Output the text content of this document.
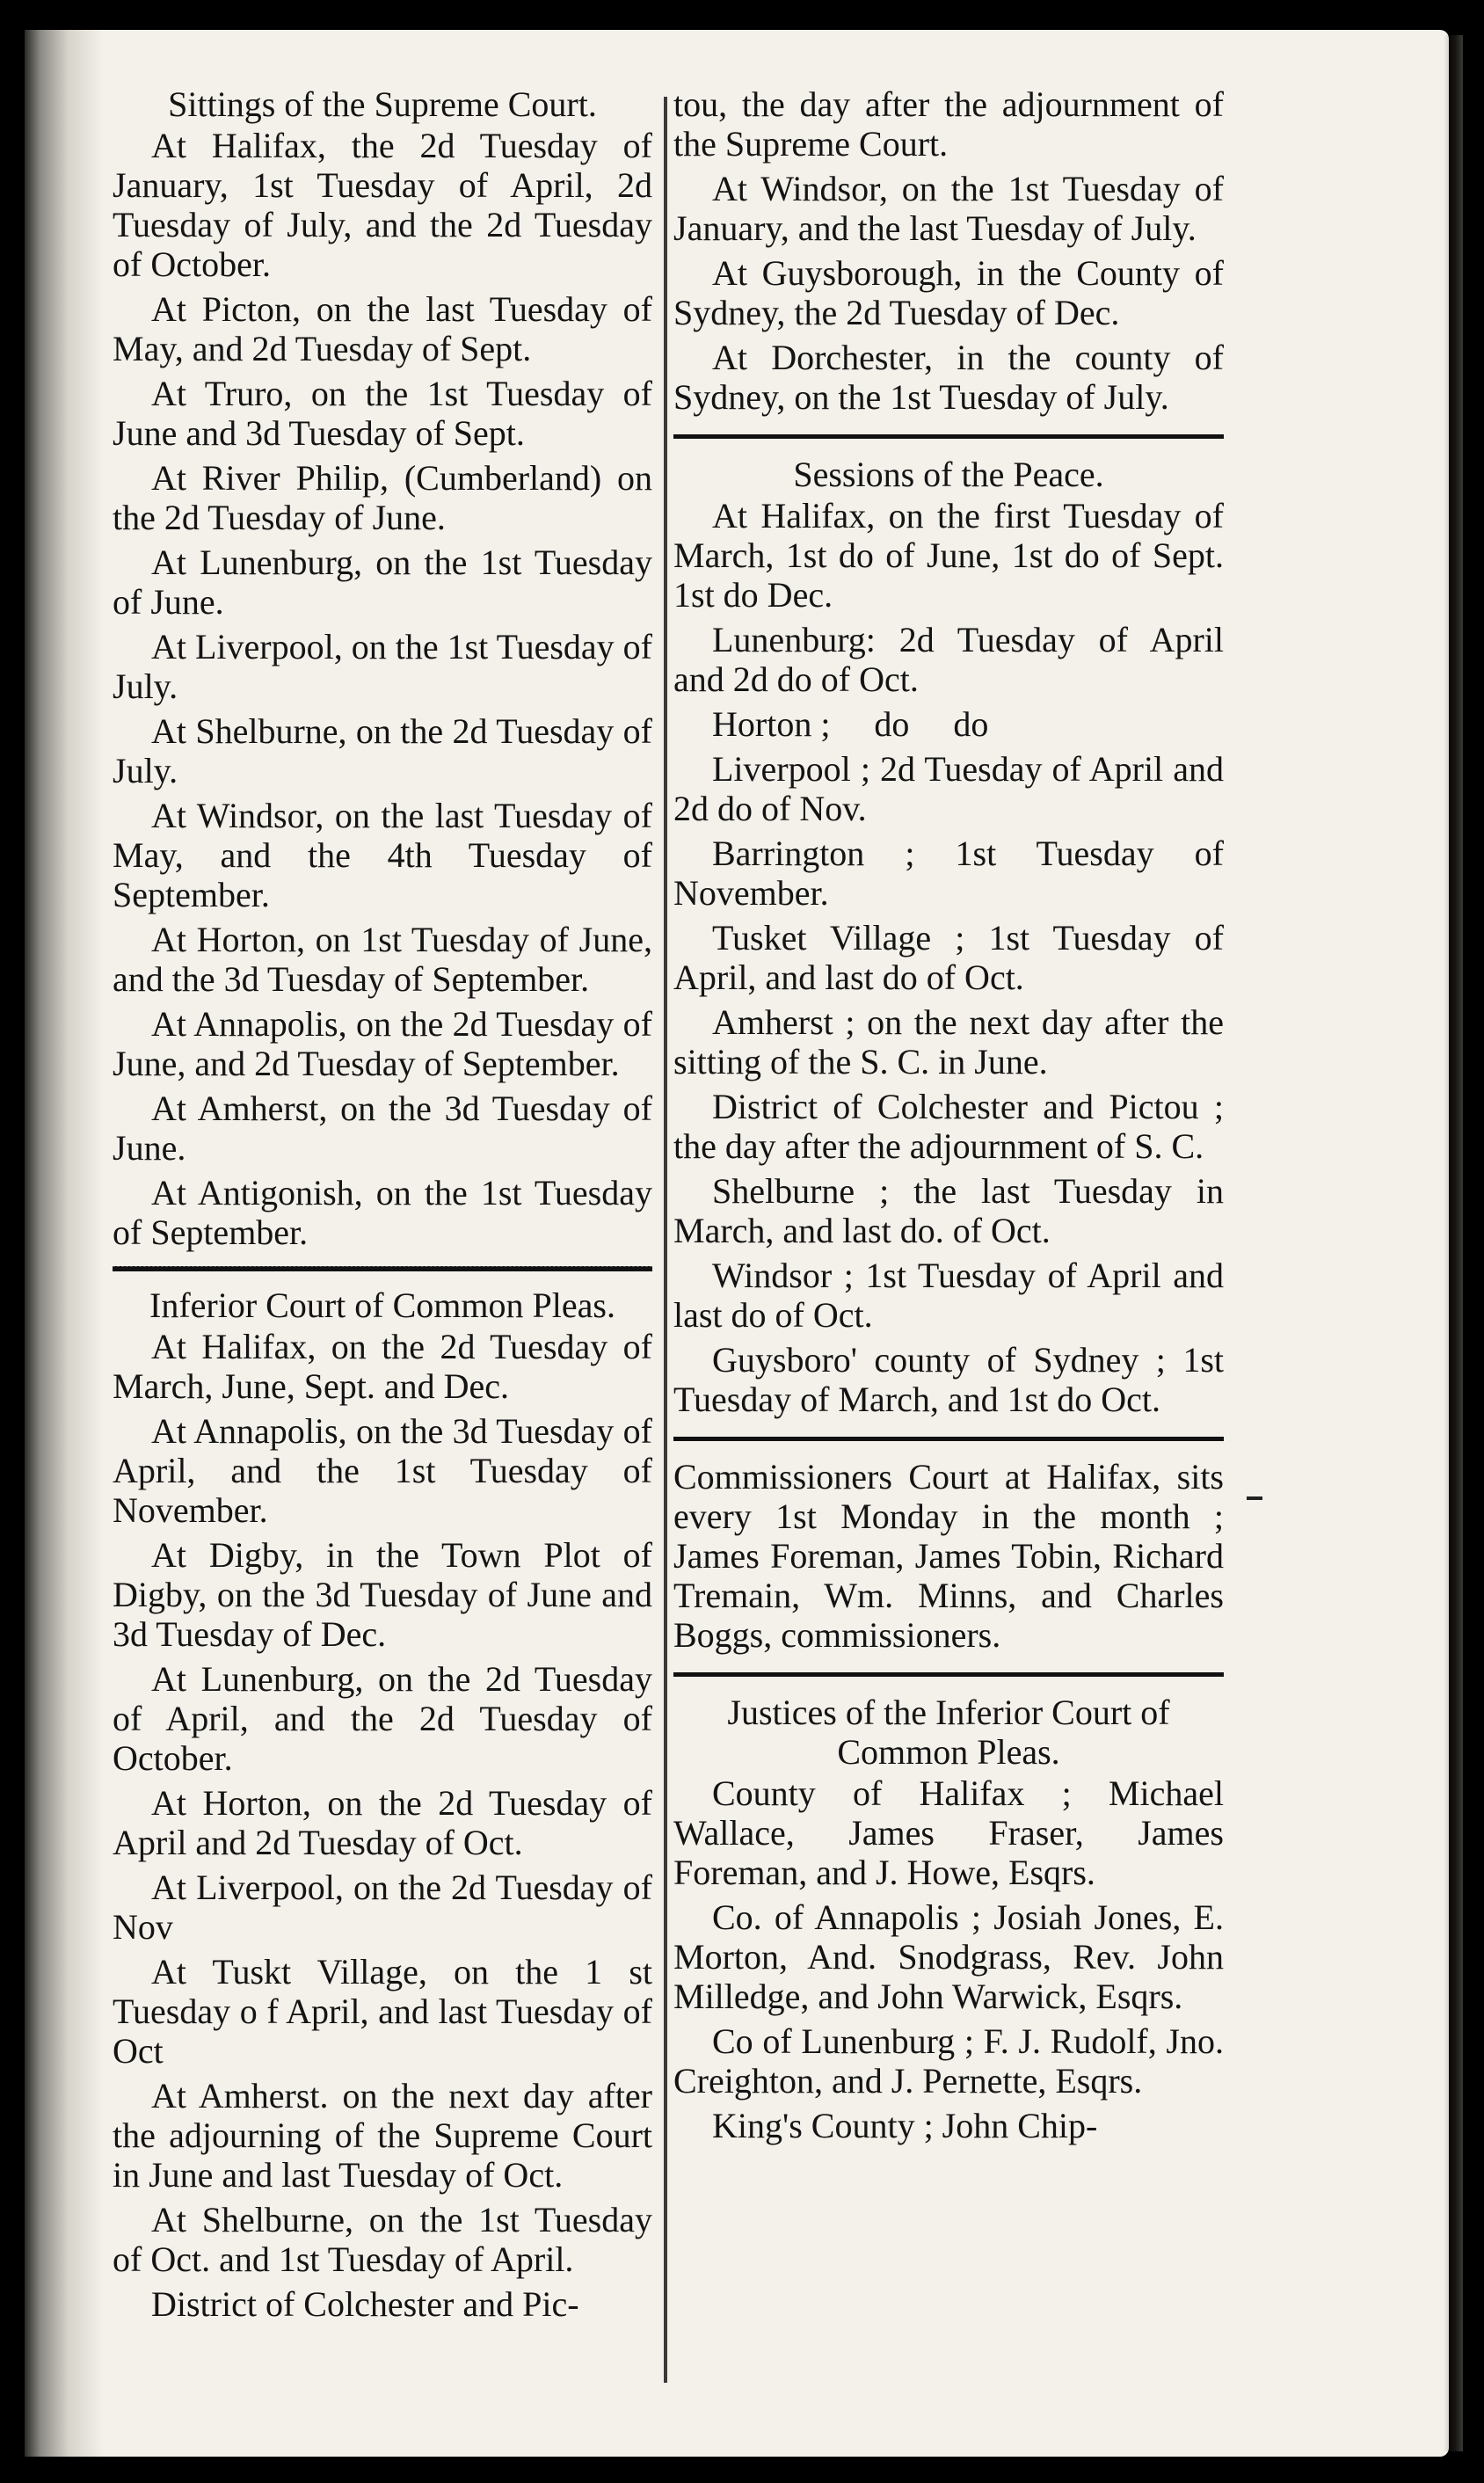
Sittings of the Supreme Court.
At Halifax, the 2d Tuesday of January, 1st Tuesday of April, 2d Tuesday of July, and the 2d Tuesday of October.
At Picton, on the last Tuesday of May, and 2d Tuesday of Sept.
At Truro, on the 1st Tuesday of June and 3d Tuesday of Sept.
At River Philip, (Cumberland) on the 2d Tuesday of June.
At Lunenburg, on the 1st Tuesday of June.
At Liverpool, on the 1st Tuesday of July.
At Shelburne, on the 2d Tuesday of July.
At Windsor, on the last Tuesday of May, and the 4th Tuesday of September.
At Horton, on 1st Tuesday of June, and the 3d Tuesday of September.
At Annapolis, on the 2d Tuesday of June, and 2d Tuesday of September.
At Amherst, on the 3d Tuesday of June.
At Antigonish, on the 1st Tuesday of September.
Inferior Court of Common Pleas.
At Halifax, on the 2d Tuesday of March, June, Sept. and Dec.
At Annapolis, on the 3d Tuesday of April, and the 1st Tuesday of November.
At Digby, in the Town Plot of Digby, on the 3d Tuesday of June and 3d Tuesday of Dec.
At Lunenburg, on the 2d Tuesday of April, and the 2d Tuesday of October.
At Horton, on the 2d Tuesday of April and 2d Tuesday of Oct.
At Liverpool, on the 2d Tuesday of Nov
At Tuskt Village, on the 1 st Tuesday o f April, and last Tuesday of Oct
At Amherst. on the next day after the adjourning of the Supreme Court in June and last Tuesday of Oct.
At Shelburne, on the 1st Tuesday of Oct. and 1st Tuesday of April.
District of Colchester and Pic-
tou, the day after the adjournment of the Supreme Court.
At Windsor, on the 1st Tuesday of January, and the last Tuesday of July.
At Guysborough, in the County of Sydney, the 2d Tuesday of Dec.
At Dorchester, in the county of Sydney, on the 1st Tuesday of July.
Sessions of the Peace.
At Halifax, on the first Tuesday of March, 1st do of June, 1st do of Sept. 1st do Dec.
Lunenburg: 2d Tuesday of April and 2d do of Oct.
Horton ;     do     do
Liverpool ; 2d Tuesday of April and 2d do of Nov.
Barrington ; 1st Tuesday of November.
Tusket Village ; 1st Tuesday of April, and last do of Oct.
Amherst ; on the next day after the sitting of the S. C. in June.
District of Colchester and Pictou ; the day after the adjournment of S. C.
Shelburne ; the last Tuesday in March, and last do. of Oct.
Windsor ; 1st Tuesday of April and last do of Oct.
Guysboro' county of Sydney ; 1st Tuesday of March, and 1st do Oct.
Commissioners Court at Halifax, sits every 1st Monday in the month ; James Foreman, James Tobin, Richard Tremain, Wm. Minns, and Charles Boggs, commissioners.
Justices of the Inferior Court of Common Pleas.
County of Halifax ; Michael Wallace, James Fraser, James Foreman, and J. Howe, Esqrs.
Co. of Annapolis ; Josiah Jones, E. Morton, And. Snodgrass, Rev. John Milledge, and John Warwick, Esqrs.
Co of Lunenburg ; F. J. Rudolf, Jno. Creighton, and J. Pernette, Esqrs.
King's County ; John Chip-
